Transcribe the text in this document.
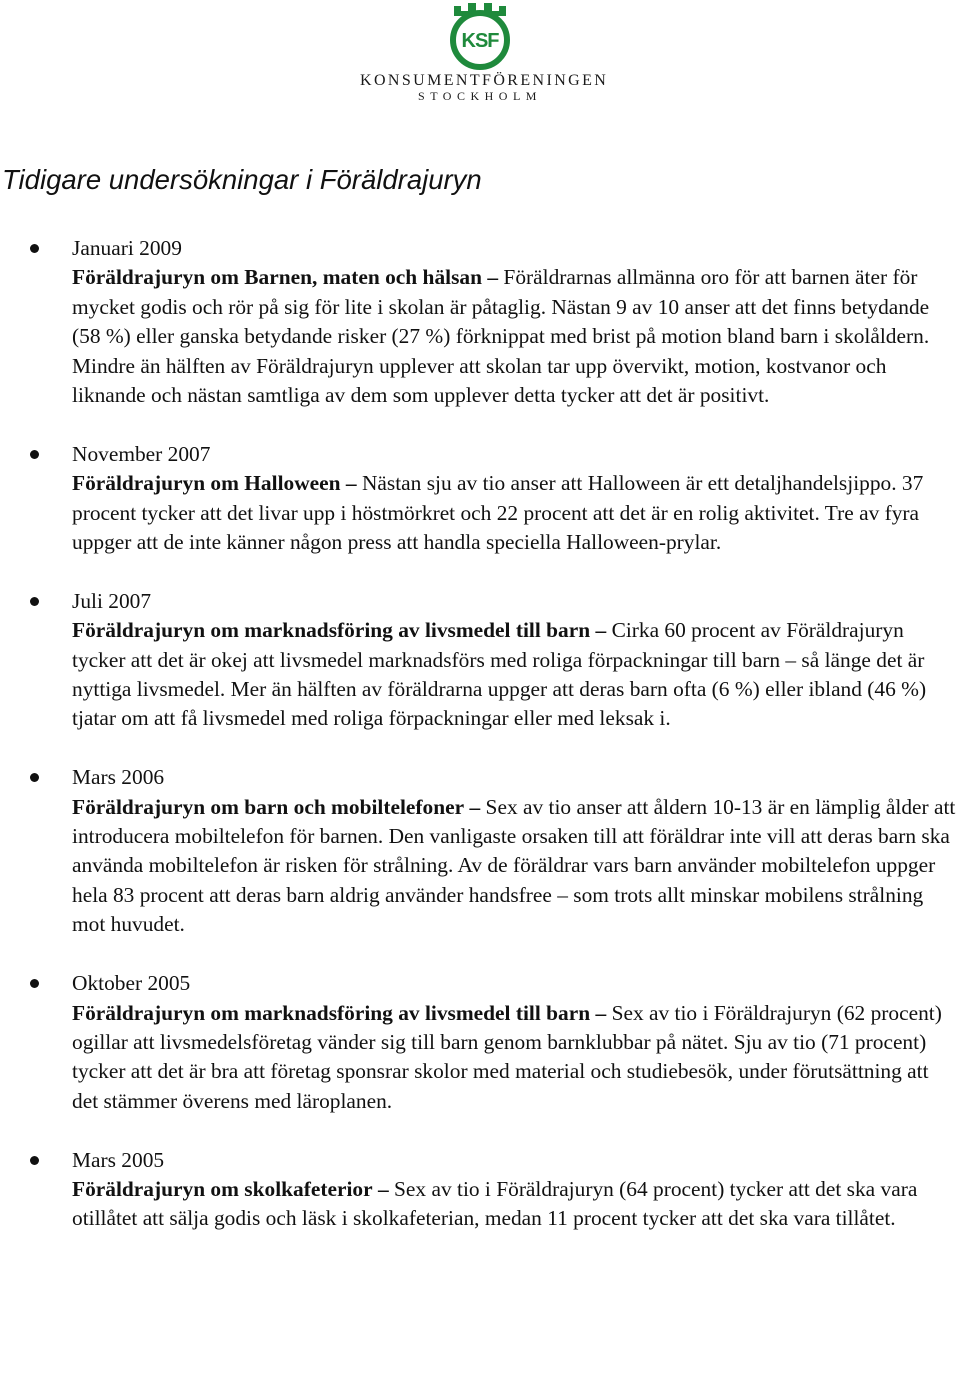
KSF
KONSUMENTFÖRENINGEN
STOCKHOLM
Tidigare undersökningar i Föräldrajuryn
Januari 2009
Föräldrajuryn om Barnen, maten och hälsan – Föräldrarnas allmänna oro för att barnen äter för mycket godis och rör på sig för lite i skolan är påtaglig. Nästan 9 av 10 anser att det finns betydande (58 %) eller ganska betydande risker (27 %) förknippat med brist på motion bland barn i skolåldern. Mindre än hälften av Föräldrajuryn upplever att skolan tar upp övervikt, motion, kostvanor och liknande och nästan samtliga av dem som upplever detta tycker att det är positivt.
November 2007
Föräldrajuryn om Halloween – Nästan sju av tio anser att Halloween är ett detaljhandelsjippo. 37 procent tycker att det livar upp i höstmörkret och 22 procent att det är en rolig aktivitet. Tre av fyra uppger att de inte känner någon press att handla speciella Halloween-prylar.
Juli 2007
Föräldrajuryn om marknadsföring av livsmedel till barn – Cirka 60 procent av Föräldrajuryn tycker att det är okej att livsmedel marknadsförs med roliga förpackningar till barn – så länge det är nyttiga livsmedel. Mer än hälften av föräldrarna uppger att deras barn ofta (6 %) eller ibland (46 %) tjatar om att få livsmedel med roliga förpackningar eller med leksak i.
Mars 2006
Föräldrajuryn om barn och mobiltelefoner – Sex av tio anser att åldern 10-13 är en lämplig ålder att introducera mobiltelefon för barnen. Den vanligaste orsaken till att föräldrar inte vill att deras barn ska använda mobiltelefon är risken för strålning. Av de föräldrar vars barn använder mobiltelefon uppger hela 83 procent att deras barn aldrig använder handsfree – som trots allt minskar mobilens strålning mot huvudet.
Oktober 2005
Föräldrajuryn om marknadsföring av livsmedel till barn – Sex av tio i Föräldrajuryn (62 procent) ogillar att livsmedelsföretag vänder sig till barn genom barnklubbar på nätet. Sju av tio (71 procent) tycker att det är bra att företag sponsrar skolor med material och studiebesök, under förutsättning att det stämmer överens med läroplanen.
Mars 2005
Föräldrajuryn om skolkafeterior – Sex av tio i Föräldrajuryn (64 procent) tycker att det ska vara otillåtet att sälja godis och läsk i skolkafeterian, medan 11 procent tycker att det ska vara tillåtet.
